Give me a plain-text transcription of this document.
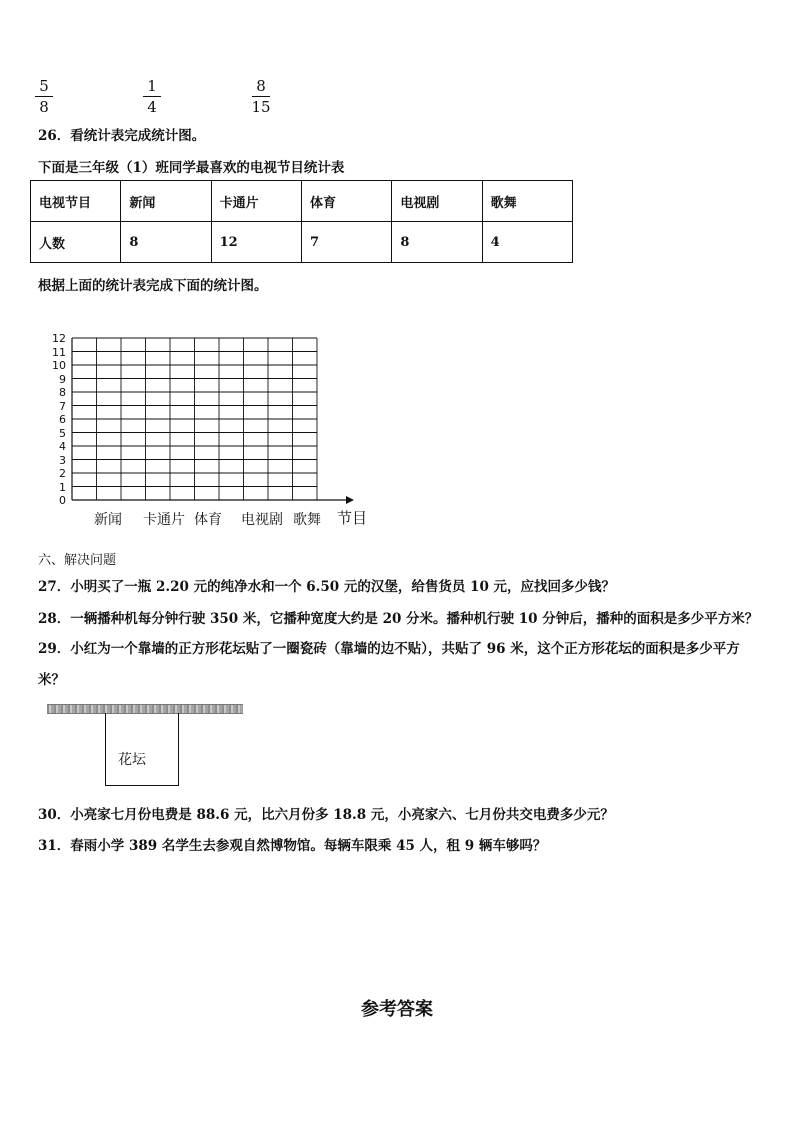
5
8
1
4
8
15
26．看统计表完成统计图。
下面是三年级（1）班同学最喜欢的电视节目统计表
电视节目	新闻	卡通片	体育	电视剧	歌舞
人数	8	12	7	8	4
根据上面的统计表完成下面的统计图。
0
1
2
3
4
5
6
7
8
9
10
11
12
新闻 卡通片 体育 电视剧 歌舞 节目
六、解决问题
27．小明买了一瓶 2.20 元的纯净水和一个 6.50 元的汉堡，给售货员 10 元，应找回多少钱？
28．一辆播种机每分钟行驶 350 米，它播种宽度大约是 20 分米。播种机行驶 10 分钟后，播种的面积是多少平方米？
29．小红为一个靠墙的正方形花坛贴了一圈瓷砖（靠墙的边不贴），共贴了 96 米，这个正方形花坛的面积是多少平方
米？
花坛
30．小亮家七月份电费是 88.6 元，比六月份多 18.8 元，小亮家六、七月份共交电费多少元？
31．春雨小学 389 名学生去参观自然博物馆。每辆车限乘 45 人，租 9 辆车够吗？
参考答案
